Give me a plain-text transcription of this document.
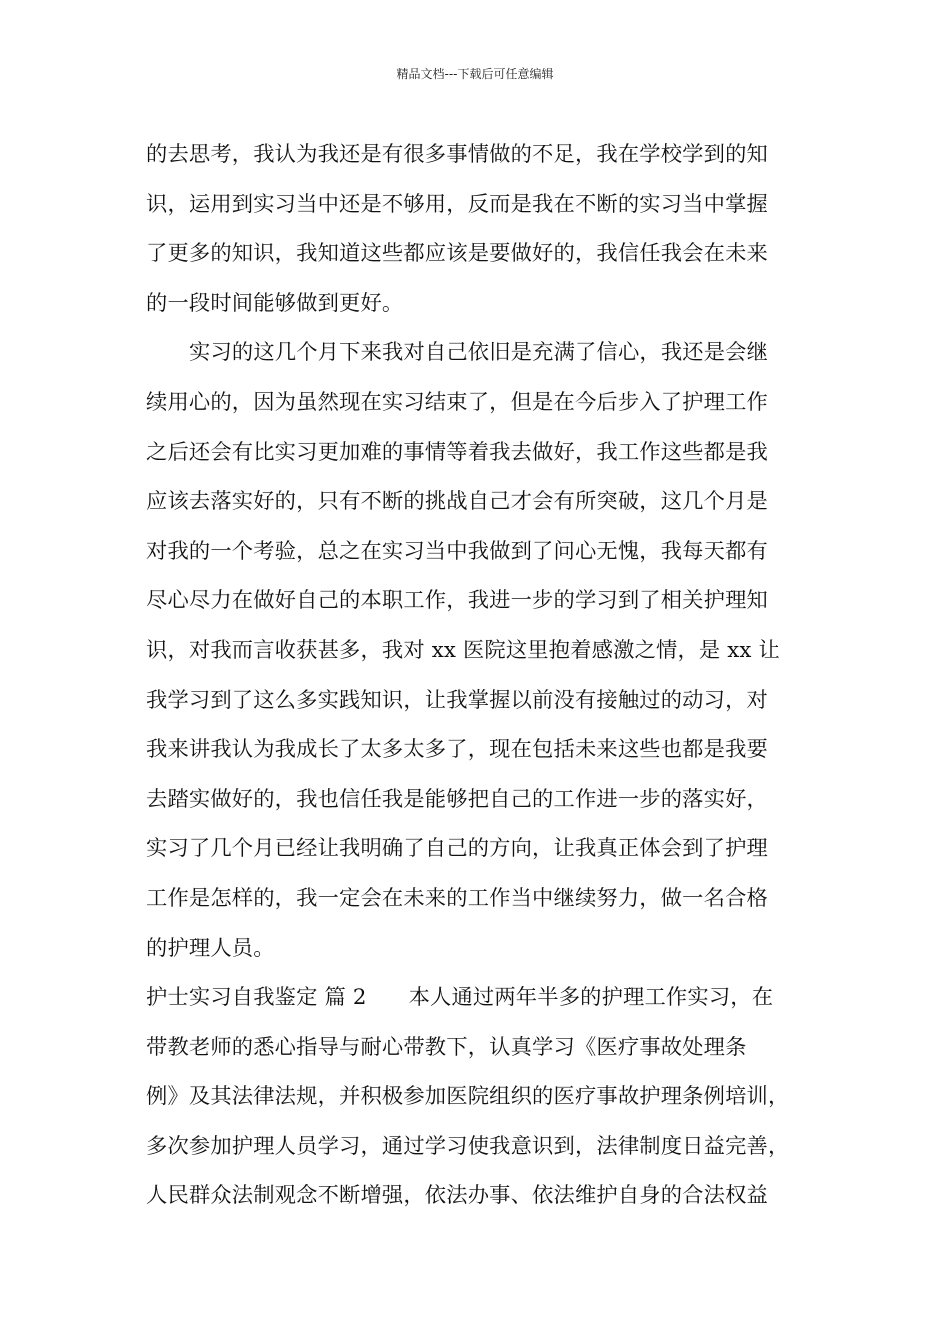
精品文档---下载后可任意编辑
的去思考，我认为我还是有很多事情做的不足，我在学校学到的知
识，运用到实习当中还是不够用，反而是我在不断的实习当中掌握
了更多的知识，我知道这些都应该是要做好的，我信任我会在未来
的一段时间能够做到更好。
实习的这几个月下来我对自己依旧是充满了信心，我还是会继
续用心的，因为虽然现在实习结束了，但是在今后步入了护理工作
之后还会有比实习更加难的事情等着我去做好，我工作这些都是我
应该去落实好的，只有不断的挑战自己才会有所突破，这几个月是
对我的一个考验，总之在实习当中我做到了问心无愧，我每天都有
尽心尽力在做好自己的本职工作，我进一步的学习到了相关护理知
识，对我而言收获甚多，我对 xx 医院这里抱着感激之情，是 xx 让
我学习到了这么多实践知识，让我掌握以前没有接触过的动习，对
我来讲我认为我成长了太多太多了，现在包括未来这些也都是我要
去踏实做好的，我也信任我是能够把自己的工作进一步的落实好，
实习了几个月已经让我明确了自己的方向，让我真正体会到了护理
工作是怎样的，我一定会在未来的工作当中继续努力，做一名合格
的护理人员。
护士实习自我鉴定 篇 2 本人通过两年半多的护理工作实习，在
带教老师的悉心指导与耐心带教下，认真学习《医疗事故处理条
例》及其法律法规，并积极参加医院组织的医疗事故护理条例培训，
多次参加护理人员学习，通过学习使我意识到，法律制度日益完善，
人民群众法制观念不断增强，依法办事、依法维护自身的合法权益
